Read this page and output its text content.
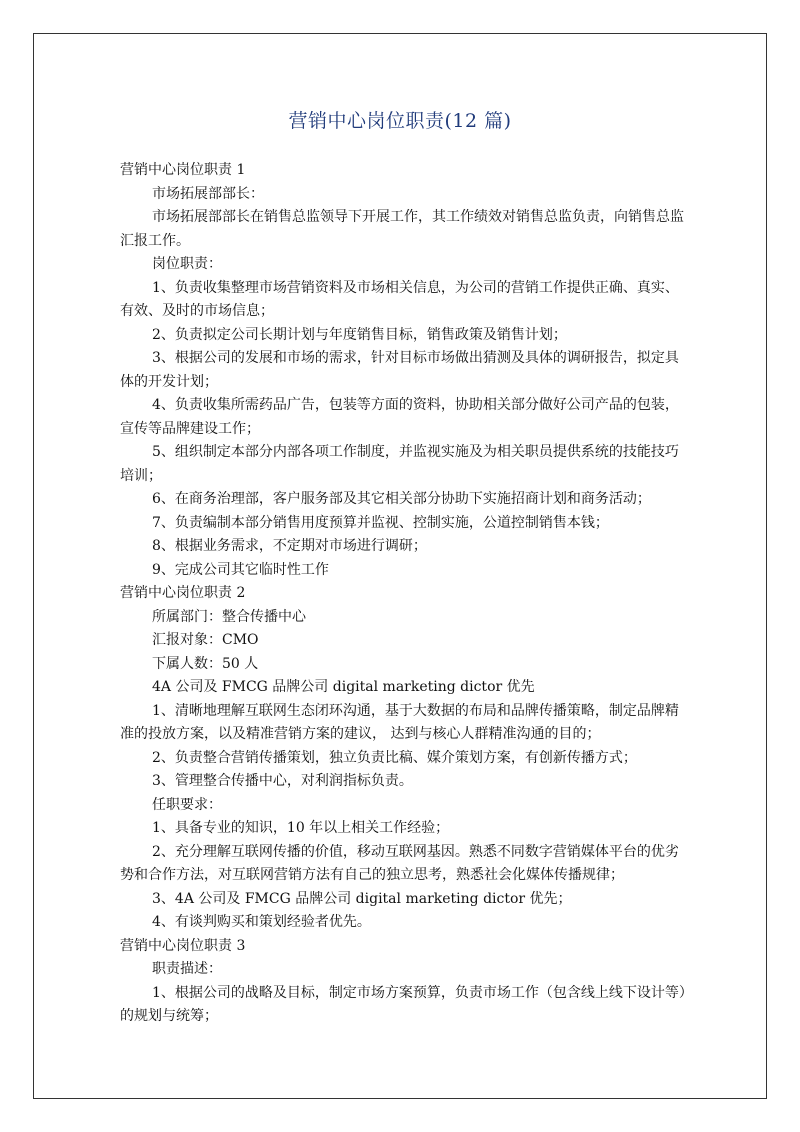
营销中心岗位职责(12 篇)

营销中心岗位职责 1

市场拓展部部长：

市场拓展部部长在销售总监领导下开展工作，其工作绩效对销售总监负责，向销售总监汇报工作。

岗位职责：

1、负责收集整理市场营销资料及市场相关信息，为公司的营销工作提供正确、真实、有效、及时的市场信息；

2、负责拟定公司长期计划与年度销售目标，销售政策及销售计划；

3、根据公司的发展和市场的需求，针对目标市场做出猜测及具体的调研报告，拟定具体的开发计划；

4、负责收集所需药品广告，包装等方面的资料，协助相关部分做好公司产品的包装，宣传等品牌建设工作；

5、组织制定本部分内部各项工作制度，并监视实施及为相关职员提供系统的技能技巧培训；

6、在商务治理部，客户服务部及其它相关部分协助下实施招商计划和商务活动；

7、负责编制本部分销售用度预算并监视、控制实施，公道控制销售本钱；

8、根据业务需求，不定期对市场进行调研；

9、完成公司其它临时性工作

营销中心岗位职责 2

所属部门：整合传播中心

汇报对象：CMO

下属人数：50 人

4A 公司及 FMCG 品牌公司 digital marketing dictor 优先

1、清晰地理解互联网生态闭环沟通，基于大数据的布局和品牌传播策略，制定品牌精准的投放方案，以及精准营销方案的建议， 达到与核心人群精准沟通的目的；

2、负责整合营销传播策划，独立负责比稿、媒介策划方案，有创新传播方式；

3、管理整合传播中心，对利润指标负责。

任职要求：

1、具备专业的知识，10 年以上相关工作经验；

2、充分理解互联网传播的价值，移动互联网基因。熟悉不同数字营销媒体平台的优劣势和合作方法，对互联网营销方法有自己的独立思考，熟悉社会化媒体传播规律；

3、4A 公司及 FMCG 品牌公司 digital marketing dictor 优先；

4、有谈判购买和策划经验者优先。

营销中心岗位职责 3

职责描述：

1、根据公司的战略及目标，制定市场方案预算，负责市场工作（包含线上线下设计等）的规划与统筹；
